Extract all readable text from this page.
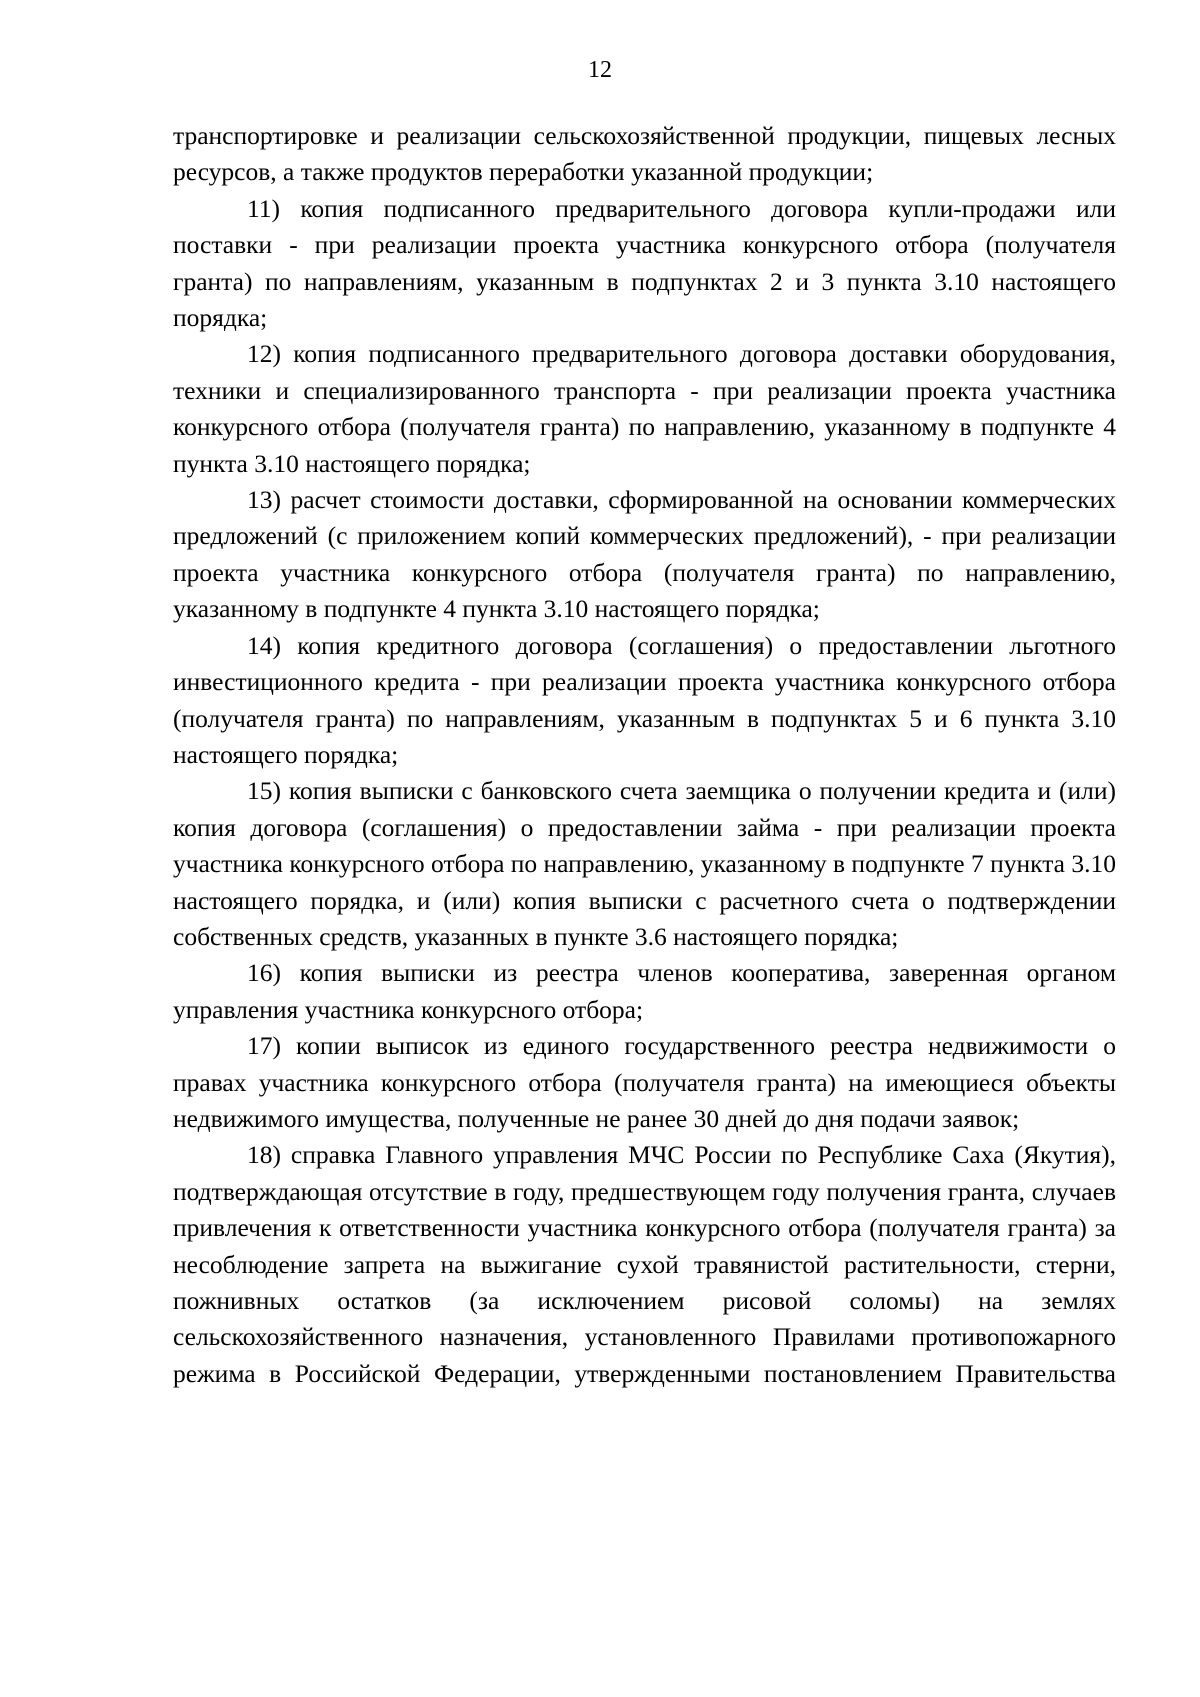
12

транспортировке и реализации сельскохозяйственной продукции, пищевых лесных ресурсов, а также продуктов переработки указанной продукции;

11) копия подписанного предварительного договора купли-продажи или поставки - при реализации проекта участника конкурсного отбора (получателя гранта) по направлениям, указанным в подпунктах 2 и 3 пункта 3.10 настоящего порядка;

12) копия подписанного предварительного договора доставки оборудования, техники и специализированного транспорта - при реализации проекта участника конкурсного отбора (получателя гранта) по направлению, указанному в подпункте 4 пункта 3.10 настоящего порядка;

13) расчет стоимости доставки, сформированной на основании коммерческих предложений (с приложением копий коммерческих предложений), - при реализации проекта участника конкурсного отбора (получателя гранта) по направлению, указанному в подпункте 4 пункта 3.10 настоящего порядка;

14) копия кредитного договора (соглашения) о предоставлении льготного инвестиционного кредита - при реализации проекта участника конкурсного отбора (получателя гранта) по направлениям, указанным в подпунктах 5 и 6 пункта 3.10 настоящего порядка;

15) копия выписки с банковского счета заемщика о получении кредита и (или) копия договора (соглашения) о предоставлении займа - при реализации проекта участника конкурсного отбора по направлению, указанному в подпункте 7 пункта 3.10 настоящего порядка, и (или) копия выписки с расчетного счета о подтверждении собственных средств, указанных в пункте 3.6 настоящего порядка;

16) копия выписки из реестра членов кооператива, заверенная органом управления участника конкурсного отбора;

17) копии выписок из единого государственного реестра недвижимости о правах участника конкурсного отбора (получателя гранта) на имеющиеся объекты недвижимого имущества, полученные не ранее 30 дней до дня подачи заявок;

18) справка Главного управления МЧС России по Республике Саха (Якутия), подтверждающая отсутствие в году, предшествующем году получения гранта, случаев привлечения к ответственности участника конкурсного отбора (получателя гранта) за несоблюдение запрета на выжигание сухой травянистой растительности, стерни, пожнивных остатков (за исключением рисовой соломы) на землях сельскохозяйственного назначения, установленного Правилами противопожарного режима в Российской Федерации, утвержденными постановлением Правительства
